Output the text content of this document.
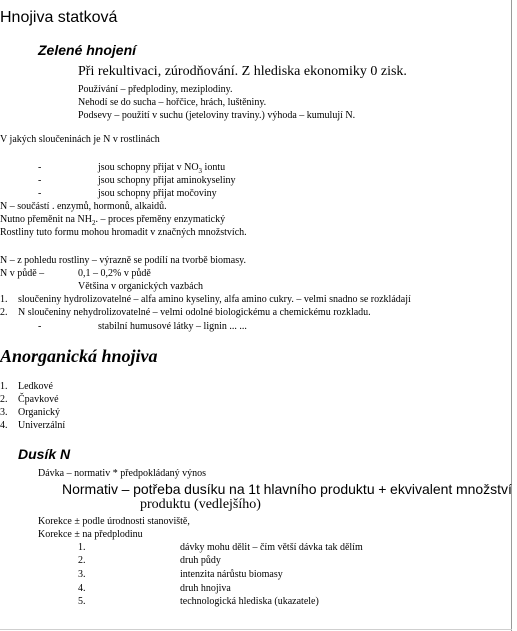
Hnojiva statková
Zelené hnojení
Při rekultivaci, zúrodňování. Z hlediska ekonomiky 0 zisk.
Používání – předplodiny, meziplodiny.
Nehodí se do sucha – hořčice, hrách, luštěniny.
Podsevy – použití v suchu (jeteloviny traviny.) výhoda – kumulují N.
V jakých sloučeninách je N v rostlinách
-	jsou schopny přijat v $NO_3$ iontu
-	jsou schopny přijat aminokyseliny
-	jsou schopny přijat močoviny
N – součástí . enzymů, hormonů, alkaidů.
Nutno přeměnit na $NH_2$. – proces přeměny enzymatický
Rostliny tuto formu mohou hromadit v značných množstvích.
N – z pohledu rostliny – výrazně se podílí na tvorbě biomasy.
N v půdě –	0,1 – 0,2% v půdě
Většina v organických vazbách
1. sloučeniny hydrolizovatelné – alfa amino kyseliny, alfa amino cukry. – velmi snadno se rozkládají
2. N sloučeniny nehydrolizovatelné – velmi odolné biologickému a chemickému rozkladu.
-	stabilní humusové látky – lignin ... ...
Anorganická hnojiva
1. Ledkové
2. Čpavkové
3. Organický
4. Univerzální
Dusík N
Dávka – normativ * předpokládaný výnos
Normativ – potřeba dusíku na 1t hlavního produktu + ekvivalent množství
produktu (vedlejšího)
Korekce ± podle úrodnosti stanoviště,
Korekce ± na předplodinu
1.	dávky mohu dělit – čím větší dávka tak dělím
2.	druh půdy
3.	intenzita nárůstu biomasy
4.	druh hnojiva
5.	technologická hlediska (ukazatele)
